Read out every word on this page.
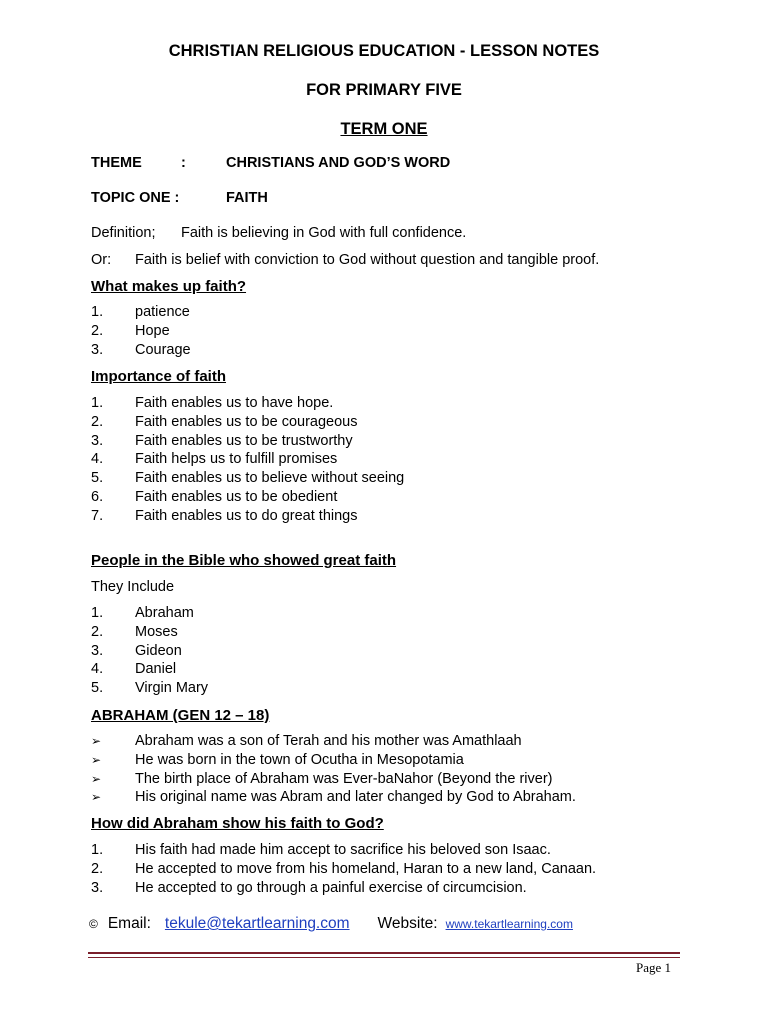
CHRISTIAN RELIGIOUS EDUCATION - LESSON NOTES
FOR PRIMARY FIVE
TERM ONE
THEME	:	CHRISTIANS AND GOD’S WORD
TOPIC ONE :	FAITH
Definition; Faith is believing in God with full confidence.
Or: Faith is belief with conviction to God without question and tangible proof.
What makes up faith?
1.	patience
2.	Hope
3.	Courage
Importance of faith
1.	Faith enables us to have hope.
2.	Faith enables us to be courageous
3.	Faith enables us to be trustworthy
4.	Faith helps us to fulfill promises
5.	Faith enables us to believe without seeing
6.	Faith enables us to be obedient
7.	Faith enables us to do great things
People in the Bible who showed great faith
They Include
1.	Abraham
2.	Moses
3.	Gideon
4.	Daniel
5.	Virgin Mary
ABRAHAM (GEN 12 – 18)
➢	Abraham was a son of Terah and his mother was Amathlaah
➢	He was born in the town of Ocutha in Mesopotamia
➢	The birth place of Abraham was Ever-baNahor (Beyond the river)
➢	His original name was Abram and later changed by God to Abraham.
How did Abraham show his faith to God?
1.	His faith had made him accept to sacrifice his beloved son Isaac.
2.	He accepted to move from his homeland, Haran to a new land, Canaan.
3.	He accepted to go through a painful exercise of circumcision.
© Email: tekule@tekartlearning.com Website: www.tekartlearning.com
Page 1
